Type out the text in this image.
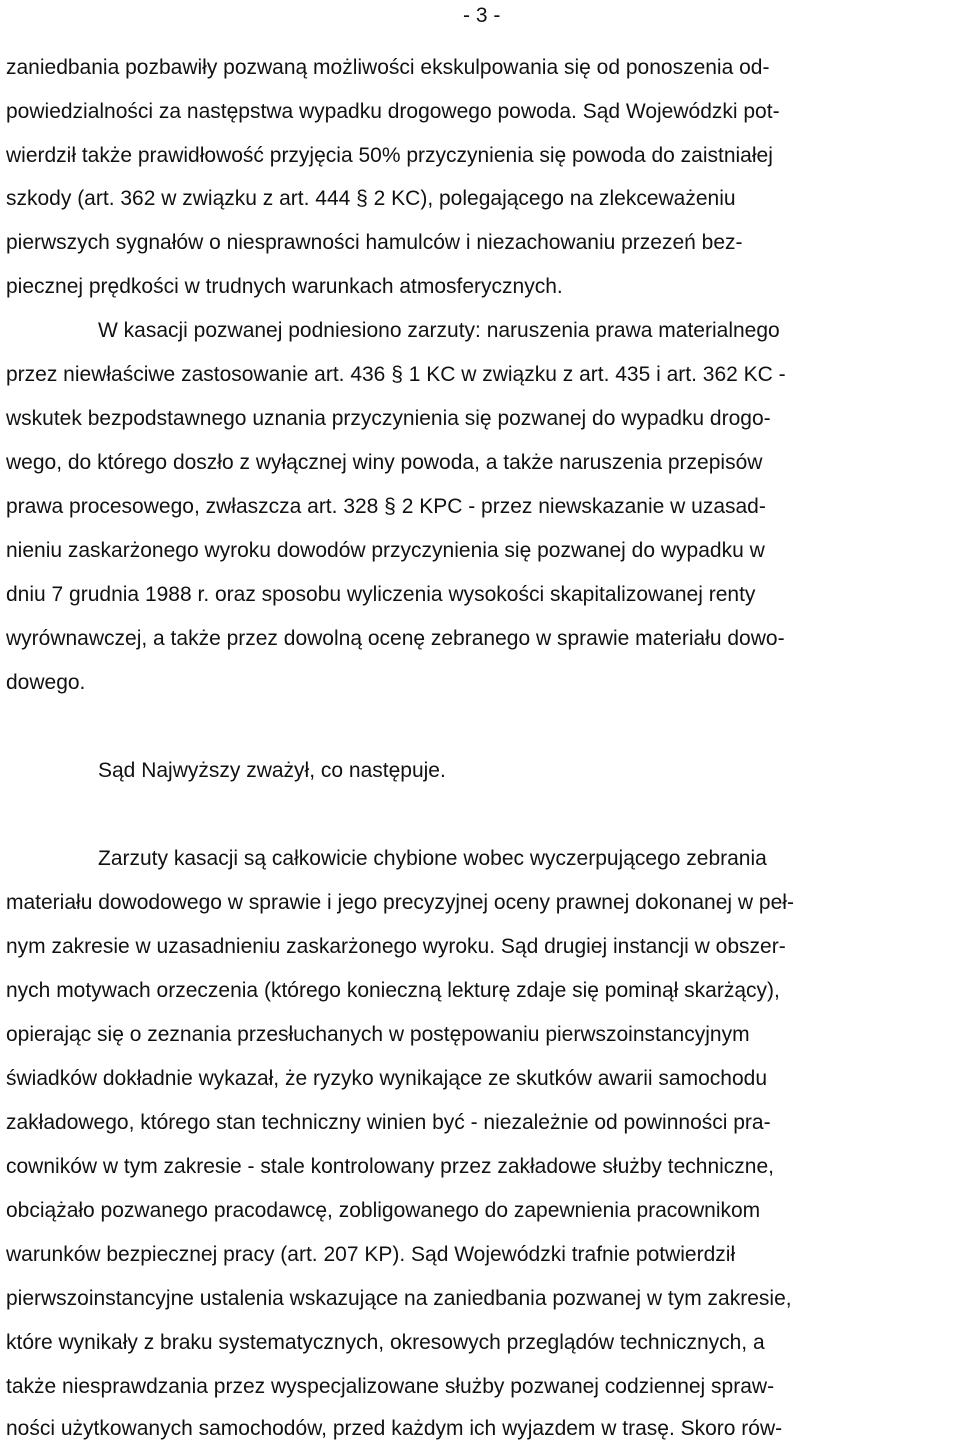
- 3 -
zaniedbania pozbawiły pozwaną możliwości ekskulpowania się od ponoszenia od-
powiedzialności za następstwa wypadku drogowego powoda. Sąd Wojewódzki pot-
wierdził także prawidłowość przyjęcia 50% przyczynienia się powoda do zaistniałej
szkody (art. 362 w związku z art. 444 § 2 KC), polegającego na zlekceważeniu
pierwszych sygnałów o niesprawności hamulców i niezachowaniu przezeń bez-
piecznej prędkości w trudnych warunkach atmosferycznych.
W kasacji pozwanej podniesiono zarzuty: naruszenia prawa materialnego
przez niewłaściwe zastosowanie art. 436 § 1 KC w związku z art. 435 i art. 362 KC -
wskutek bezpodstawnego uznania przyczynienia się pozwanej do wypadku drogo-
wego, do którego doszło z wyłącznej winy powoda, a także naruszenia przepisów
prawa procesowego, zwłaszcza art. 328 § 2 KPC - przez niewskazanie w uzasad-
nieniu zaskarżonego wyroku dowodów przyczynienia się pozwanej do wypadku w
dniu 7 grudnia 1988 r. oraz sposobu wyliczenia wysokości skapitalizowanej renty
wyrównawczej, a także przez dowolną ocenę zebranego w sprawie materiału dowo-
dowego.
Sąd Najwyższy zważył, co następuje.
Zarzuty kasacji są całkowicie chybione wobec wyczerpującego zebrania
materiału dowodowego w sprawie i jego precyzyjnej oceny prawnej dokonanej w peł-
nym zakresie w uzasadnieniu zaskarżonego wyroku. Sąd drugiej instancji w obszer-
nych motywach orzeczenia (którego konieczną lekturę zdaje się pominął skarżący),
opierając się o zeznania przesłuchanych w postępowaniu pierwszoinstancyjnym
świadków dokładnie wykazał, że ryzyko wynikające ze skutków awarii samochodu
zakładowego, którego stan techniczny winien być - niezależnie od powinności pra-
cowników w tym zakresie - stale kontrolowany przez zakładowe służby techniczne,
obciążało pozwanego pracodawcę, zobligowanego do zapewnienia pracownikom
warunków bezpiecznej pracy (art. 207 KP). Sąd Wojewódzki trafnie potwierdził
pierwszoinstancyjne ustalenia wskazujące na zaniedbania pozwanej w tym zakresie,
które wynikały z braku systematycznych, okresowych przeglądów technicznych, a
także niesprawdzania przez wyspecjalizowane służby pozwanej codziennej spraw-
ności użytkowanych samochodów, przed każdym ich wyjazdem w trasę. Skoro rów-
